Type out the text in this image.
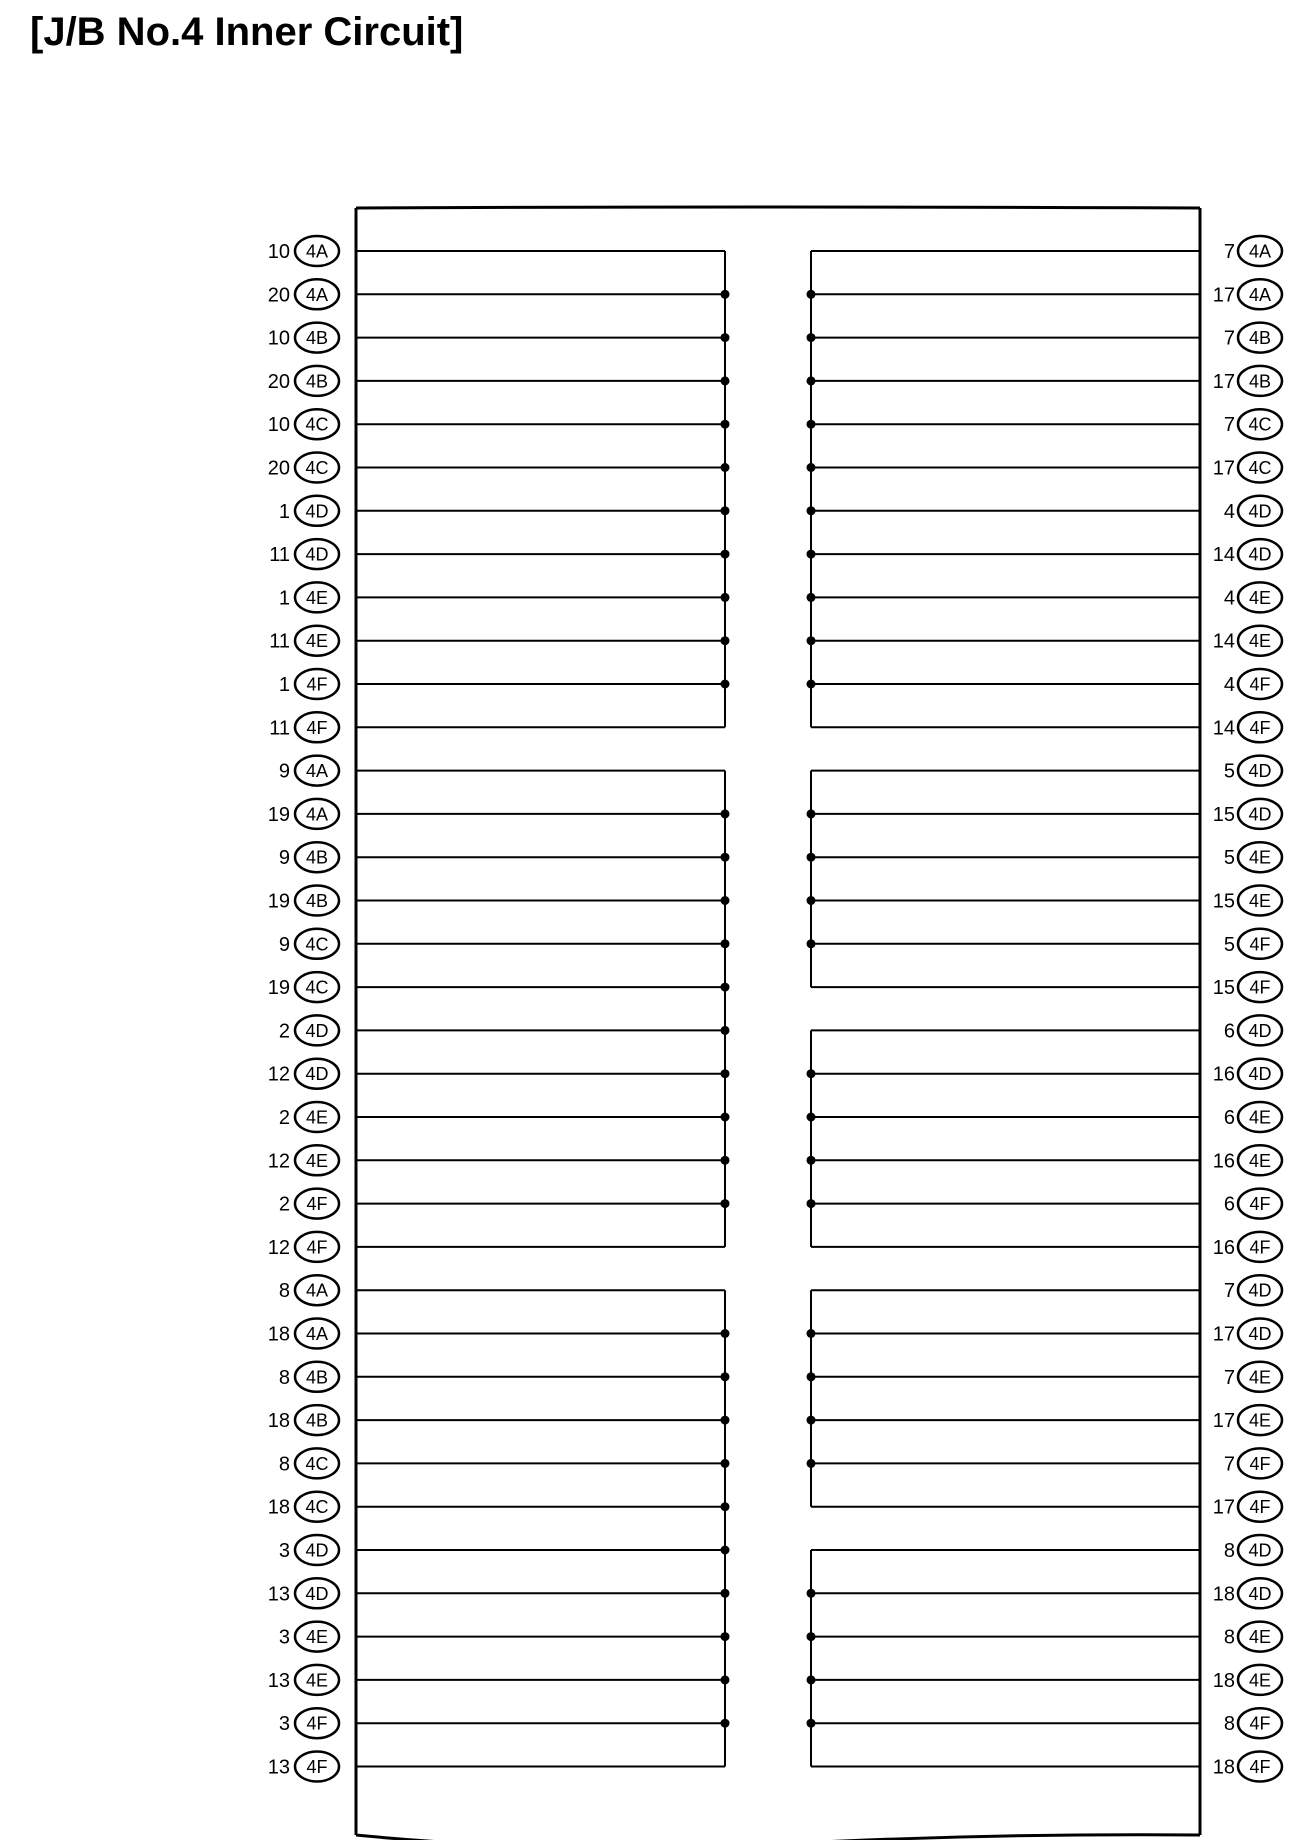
[J/B No.4 Inner Circuit]
4A
10
4A
20
4B
10
4B
20
4C
10
4C
20
4D
1
4D
11
4E
1
4E
11
4F
1
4F
11
4A
9
4A
19
4B
9
4B
19
4C
9
4C
19
4D
2
4D
12
4E
2
4E
12
4F
2
4F
12
4A
8
4A
18
4B
8
4B
18
4C
8
4C
18
4D
3
4D
13
4E
3
4E
13
4F
3
4F
13
4A
7
4A
17
4B
7
4B
17
4C
7
4C
17
4D
4
4D
14
4E
4
4E
14
4F
4
4F
14
4D
5
4D
15
4E
5
4E
15
4F
5
4F
15
4D
6
4D
16
4E
6
4E
16
4F
6
4F
16
4D
7
4D
17
4E
7
4E
17
4F
7
4F
17
4D
8
4D
18
4E
8
4E
18
4F
8
4F
18
